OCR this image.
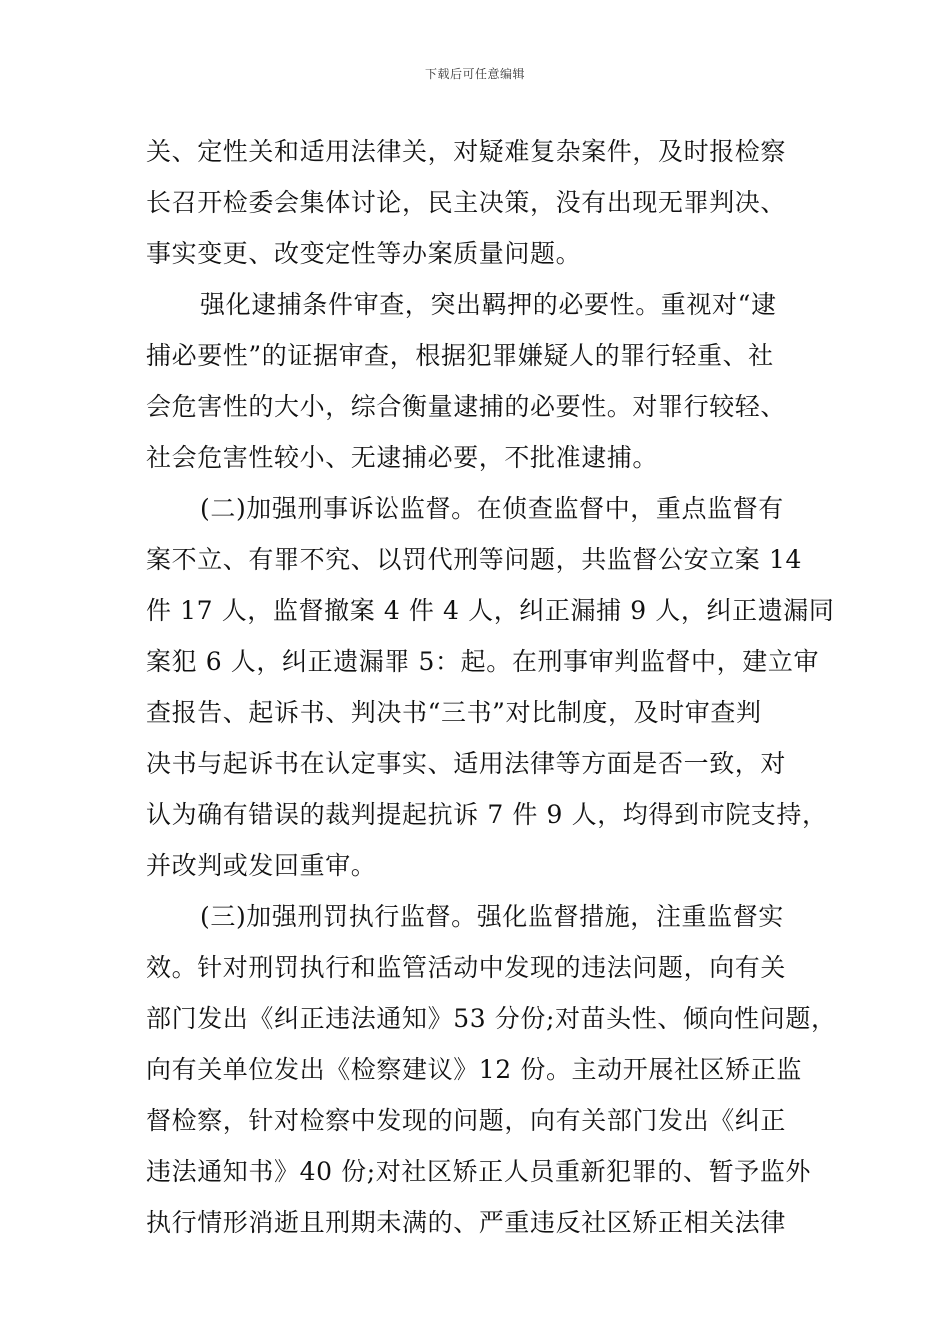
下载后可任意编辑
关、定性关和适用法律关，对疑难复杂案件，及时报检察
长召开检委会集体讨论，民主决策，没有出现无罪判决、
事实变更、改变定性等办案质量问题。
强化逮捕条件审查，突出羁押的必要性。重视对“逮
捕必要性”的证据审查，根据犯罪嫌疑人的罪行轻重、社
会危害性的大小，综合衡量逮捕的必要性。对罪行较轻、
社会危害性较小、无逮捕必要，不批准逮捕。
(二)加强刑事诉讼监督。在侦查监督中，重点监督有
案不立、有罪不究、以罚代刑等问题，共监督公安立案 14
件 17 人，监督撤案 4 件 4 人，纠正漏捕 9 人，纠正遗漏同
案犯 6 人，纠正遗漏罪 5：起。在刑事审判监督中，建立审
查报告、起诉书、判决书“三书”对比制度，及时审查判
决书与起诉书在认定事实、适用法律等方面是否一致，对
认为确有错误的裁判提起抗诉 7 件 9 人，均得到市院支持，
并改判或发回重审。
(三)加强刑罚执行监督。强化监督措施，注重监督实
效。针对刑罚执行和监管活动中发现的违法问题，向有关
部门发出《纠正违法通知》53 分份;对苗头性、倾向性问题，
向有关单位发出《检察建议》12 份。主动开展社区矫正监
督检察，针对检察中发现的问题，向有关部门发出《纠正
违法通知书》40 份;对社区矫正人员重新犯罪的、暂予监外
执行情形消逝且刑期未满的、严重违反社区矫正相关法律
